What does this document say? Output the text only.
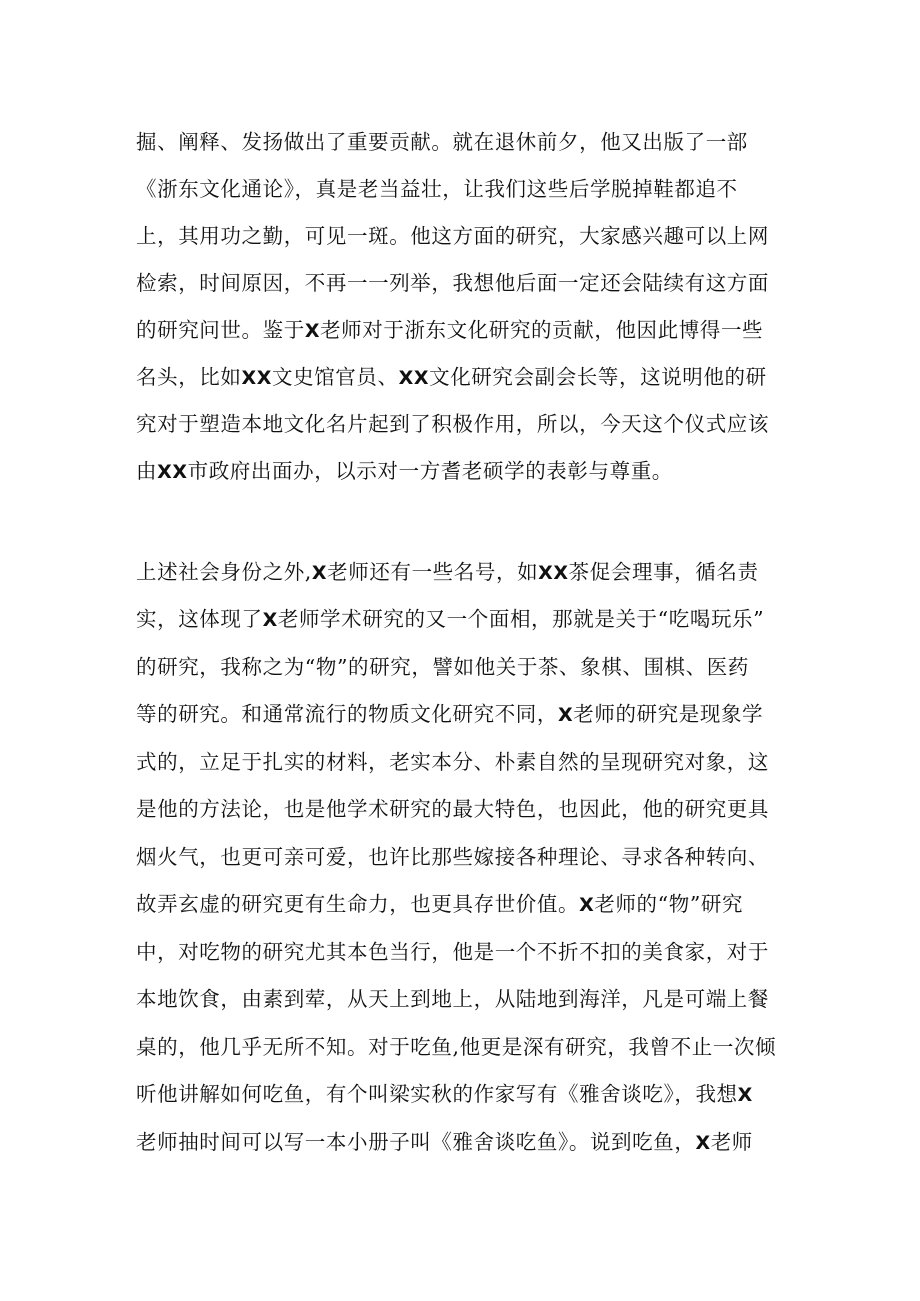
掘、阐释、发扬做出了重要贡献。就在退休前夕，他又出版了一部
《浙东文化通论》，真是老当益壮，让我们这些后学脱掉鞋都追不
上，其用功之勤，可见一斑。他这方面的研究，大家感兴趣可以上网
检索，时间原因，不再一一列举，我想他后面一定还会陆续有这方面
的研究问世。鉴于X老师对于浙东文化研究的贡献，他因此博得一些
名头，比如XX文史馆官员、XX文化研究会副会长等，这说明他的研
究对于塑造本地文化名片起到了积极作用，所以，今天这个仪式应该
由XX市政府出面办，以示对一方耆老硕学的表彰与尊重。
上述社会身份之外,X老师还有一些名号，如XX茶促会理事，循名责
实，这体现了X老师学术研究的又一个面相，那就是关于“吃喝玩乐”
的研究，我称之为“物”的研究，譬如他关于茶、象棋、围棋、医药
等的研究。和通常流行的物质文化研究不同，X老师的研究是现象学
式的，立足于扎实的材料，老实本分、朴素自然的呈现研究对象，这
是他的方法论，也是他学术研究的最大特色，也因此，他的研究更具
烟火气，也更可亲可爱，也许比那些嫁接各种理论、寻求各种转向、
故弄玄虚的研究更有生命力，也更具存世价值。X老师的“物”研究
中，对吃物的研究尤其本色当行，他是一个不折不扣的美食家，对于
本地饮食，由素到荤，从天上到地上，从陆地到海洋，凡是可端上餐
桌的，他几乎无所不知。对于吃鱼,他更是深有研究，我曾不止一次倾
听他讲解如何吃鱼，有个叫梁实秋的作家写有《雅舍谈吃》，我想X
老师抽时间可以写一本小册子叫《雅舍谈吃鱼》。说到吃鱼，X老师
